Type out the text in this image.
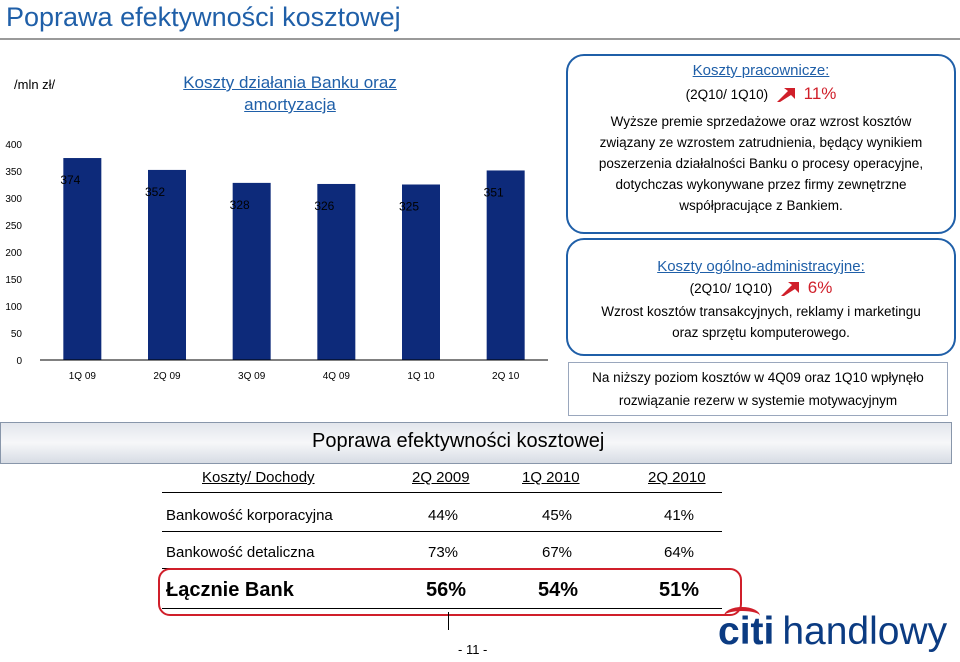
Poprawa efektywności kosztowej
/mln zł/	Koszty działania Banku oraz amortyzacja
0
50
100
150
200
250
300
350
400
374
352
328	326	325
351
1Q 09	2Q 09	3Q 09	4Q 09	1Q 10	2Q 10
Koszty pracownicze:
(2Q10/ 1Q10) 11%
Wyższe premie sprzedażowe oraz wzrost kosztów
związany ze wzrostem zatrudnienia, będący wynikiem
poszerzenia działalności Banku o procesy operacyjne,
dotychczas wykonywane przez firmy zewnętrzne
współpracujące z Bankiem.
Koszty ogólno-administracyjne:
(2Q10/ 1Q10) 6%
Wzrost kosztów transakcyjnych, reklamy i marketingu
oraz sprzętu komputerowego.
Na niższy poziom kosztów w 4Q09 oraz 1Q10 wpłynęło
rozwiązanie rezerw w systemie motywacyjnym
Poprawa efektywności kosztowej
Koszty/ Dochody	2Q 2009	1Q 2010	2Q 2010
Bankowość korporacyjna	44%	45%	41%
Bankowość detaliczna	73%	67%	64%
Łącznie Bank	56%	54%	51%
- 11 -	citi handlowy
